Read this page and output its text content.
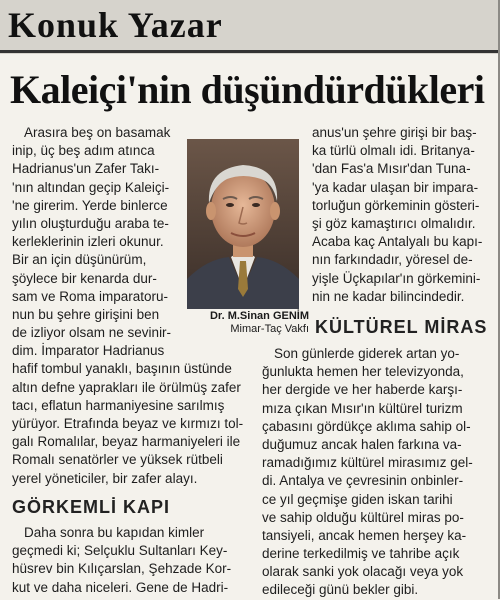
Konuk Yazar
Kaleiçi'nin düşündürdükleri
Dr. M.Sinan GENİM
Mimar-Taç Vakfı
Arasıra beş on basamak
inip, üç beş adım atınca
Hadrianus'un Zafer Takı-
'nın altından geçip Kaleiçi-
'ne girerim. Yerde binlerce
yılın oluşturduğu araba te-
kerleklerinin izleri okunur.
Bir an için düşünürüm,
şöylece bir kenarda dur-
sam ve Roma imparatoru-
nun bu şehre girişini ben
de izliyor olsam ne sevinir-
dim. İmparator Hadrianus
hafif tombul yanaklı, başının üstünde
altın defne yaprakları ile örülmüş zafer
tacı, eflatun harmaniyesine sarılmış
yürüyor. Etrafında beyaz ve kırmızı tol-
galı Romalılar, beyaz harmaniyeleri ile
Romalı senatörler ve yüksek rütbeli
yerel yöneticiler, bir zafer alayı.
GÖRKEMLİ KAPI
Daha sonra bu kapıdan kimler
geçmedi ki; Selçuklu Sultanları Key-
hüsrev bin Kılıçarslan, Şehzade Kor-
kut ve daha niceleri. Gene de Hadri-
anus'un şehre girişi bir baş-
ka türlü olmalı idi. Britanya-
'dan Fas'a Mısır'dan Tuna-
'ya kadar ulaşan bir impara-
torluğun görkeminin gösteri-
şi göz kamaştırıcı olmalıdır.
Acaba kaç Antalyalı bu kapı-
nın farkındadır, yöresel de-
yişle Üçkapılar'ın görkemini-
nin ne kadar bilincindedir.
KÜLTÜREL MİRAS
Son günlerde giderek artan yo-
ğunlukta hemen her televizyonda,
her dergide ve her haberde karşı-
mıza çıkan Mısır'ın kültürel turizm
çabasını gördükçe aklıma sahip ol-
duğumuz ancak halen farkına va-
ramadığımız kültürel mirasımız gel-
di. Antalya ve çevresinin onbinler-
ce yıl geçmişe giden iskan tarihi
ve sahip olduğu kültürel miras po-
tansiyeli, ancak hemen herşey ka-
derine terkedilmiş ve tahribe açık
olarak sanki yok olacağı veya yok
edileceği günü bekler gibi.
